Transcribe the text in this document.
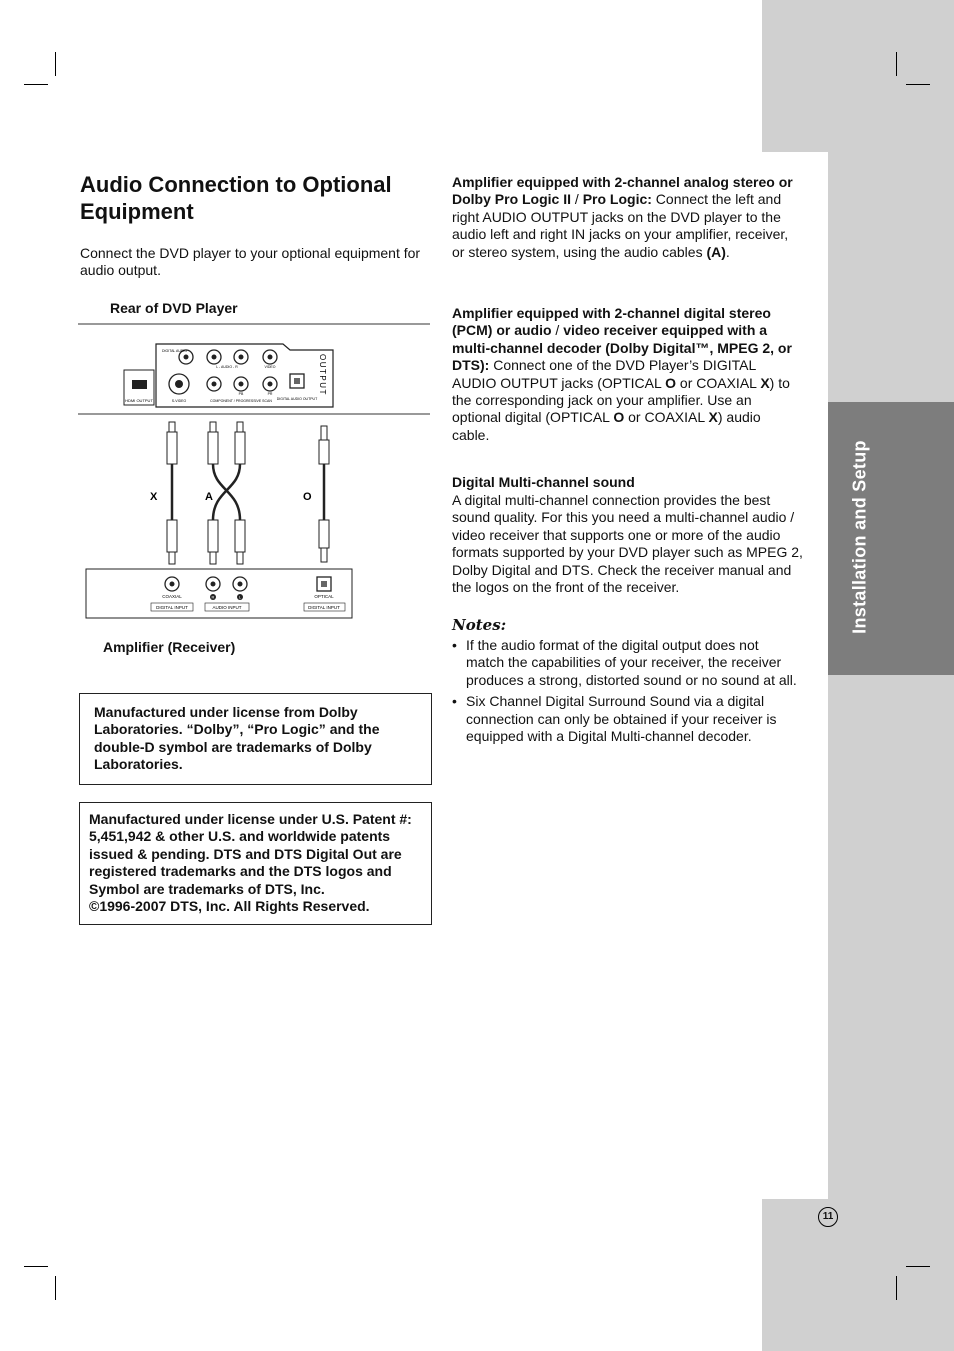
Installation and Setup
Audio Connection to Optional Equipment
Connect the DVD player to your optional equipment for audio output.
Rear of DVD Player
HDMI OUTPUT
DIGITAL AUDIO
L - AUDIO - R	VIDEO
S-VIDEO	COMPONENT / PROGRESSIVE SCAN
PB	PR
DIGITAL AUDIO OUTPUT
OUTPUT
X	A	O
R	L
COAXIAL
DIGITAL INPUT	AUDIO INPUT
OPTICAL
DIGITAL INPUT
Amplifier (Receiver)
Manufactured under license from Dolby Laboratories. “Dolby”, “Pro Logic” and the double-D symbol are trademarks of Dolby Laboratories.
Manufactured under license under U.S. Patent #: 5,451,942 & other U.S. and worldwide patents issued & pending. DTS and DTS Digital Out are registered trademarks and the DTS logos and Symbol are trademarks of DTS, Inc.
©1996-2007 DTS, Inc. All Rights Reserved.
Amplifier equipped with 2-channel analog stereo or Dolby Pro Logic II / Pro Logic: Connect the left and right AUDIO OUTPUT jacks on the DVD player to the audio left and right IN jacks on your amplifier, receiver, or stereo system, using the audio cables (A).
Amplifier equipped with 2-channel digital stereo (PCM) or audio / video receiver equipped with a multi-channel decoder (Dolby Digital™, MPEG 2, or DTS): Connect one of the DVD Player’s DIGITAL AUDIO OUTPUT jacks (OPTICAL O or COAXIAL X) to the corresponding jack on your amplifier. Use an optional digital (OPTICAL O or COAXIAL X) audio cable.
Digital Multi-channel sound
A digital multi-channel connection provides the best sound quality. For this you need a multi-channel audio / video receiver that supports one or more of the audio formats supported by your DVD player such as MPEG 2, Dolby Digital and DTS. Check the receiver manual and the logos on the front of the receiver.
Notes:
• If the audio format of the digital output does not match the capabilities of your receiver, the receiver produces a strong, distorted sound or no sound at all.
• Six Channel Digital Surround Sound via a digital connection can only be obtained if your receiver is equipped with a Digital Multi-channel decoder.
11
